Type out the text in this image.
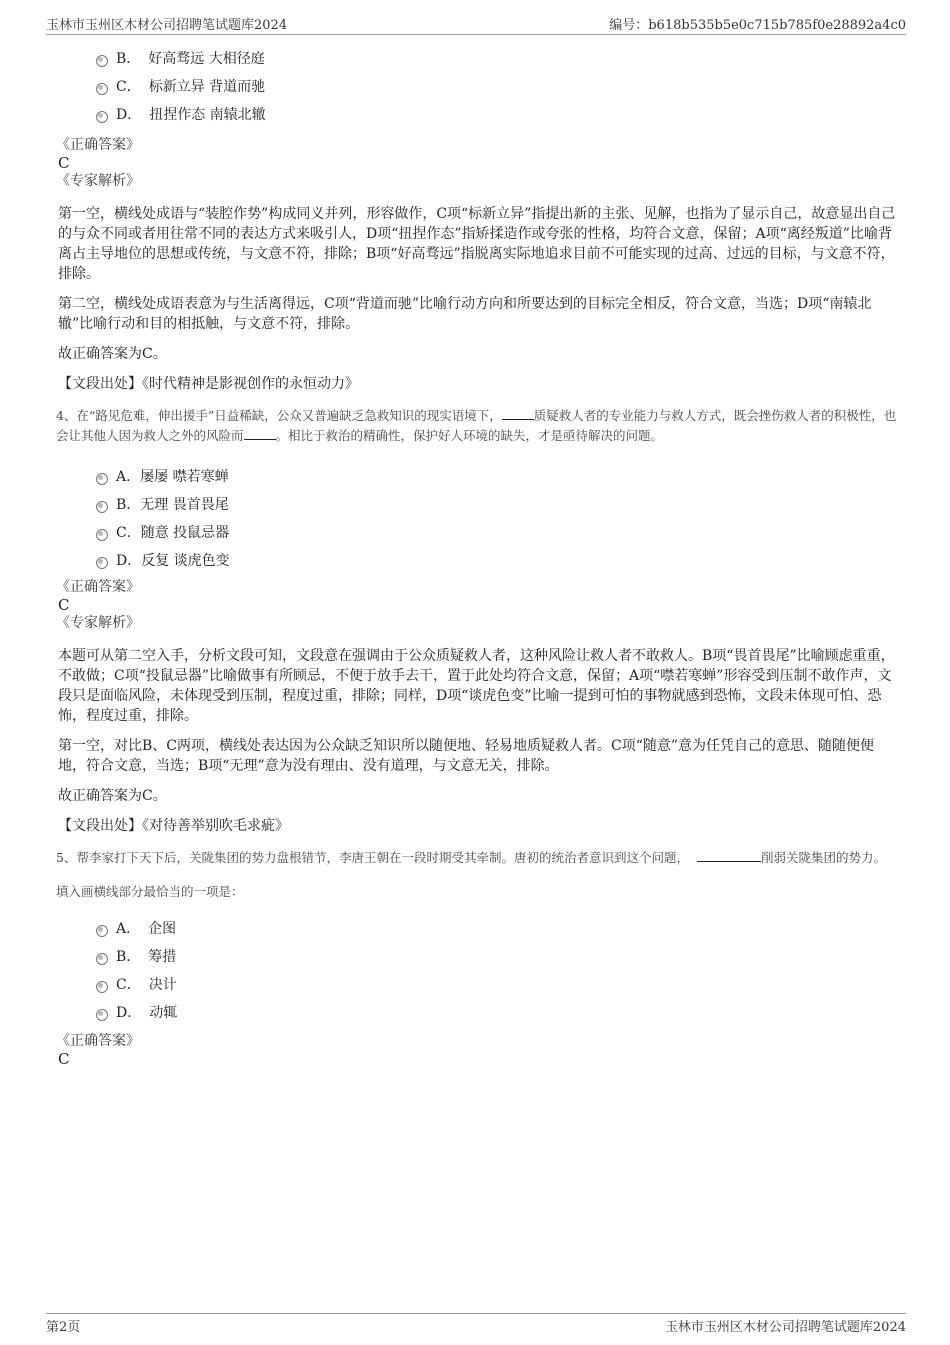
玉林市玉州区木材公司招聘笔试题库2024	编号：b618b535b5e0c715b785f0e28892a4c0
B． 好高骛远 大相径庭
C． 标新立异 背道而驰
D． 扭捏作态 南辕北辙
《正确答案》
C
《专家解析》

第一空，横线处成语与“装腔作势”构成同义并列，形容做作，C项“标新立异”指提出新的主张、见解，也指为了显示自己，故意显出自己的与众不同或者用往常不同的表达方式来吸引人，D项“扭捏作态”指矫揉造作或夸张的性格，均符合文意，保留；A项“离经叛道”比喻背离占主导地位的思想或传统，与文意不符，排除；B项“好高骛远”指脱离实际地追求目前不可能实现的过高、过远的目标，与文意不符，排除。

第二空，横线处成语表意为与生活离得远，C项“背道而驰”比喻行动方向和所要达到的目标完全相反，符合文意，当选；D项“南辕北辙”比喻行动和目的相抵触，与文意不符，排除。

故正确答案为C。

【文段出处】《时代精神是影视创作的永恒动力》

4、在“路见危难，伸出援手”日益稀缺，公众又普遍缺乏急救知识的现实语境下，	质疑救人者的专业能力与救人方式，既会挫伤救人者的积极性，也会让其他人因为救人之外的风险而	。相比于救治的精确性，保护好人环境的缺失，才是亟待解决的问题。

A． 屡屡 噤若寒蝉
B． 无理 畏首畏尾
C． 随意 投鼠忌器
D． 反复 谈虎色变
《正确答案》
C
《专家解析》

本题可从第二空入手，分析文段可知，文段意在强调由于公众质疑救人者，这种风险让救人者不敢救人。B项“畏首畏尾”比喻顾虑重重，不敢做；C项“投鼠忌器”比喻做事有所顾忌，不便于放手去干，置于此处均符合文意，保留；A项“噤若寒蝉”形容受到压制不敢作声，文段只是面临风险，未体现受到压制，程度过重，排除；同样，D项“谈虎色变”比喻一提到可怕的事物就感到恐怖，文段未体现可怕、恐怖，程度过重，排除。

第一空，对比B、C两项，横线处表达因为公众缺乏知识所以随便地、轻易地质疑救人者。C项“随意”意为任凭自己的意思、随随便便地，符合文意，当选；B项“无理”意为没有理由、没有道理，与文意无关，排除。

故正确答案为C。

【文段出处】《对待善举别吹毛求疵》

5、帮李家打下天下后，关陇集团的势力盘根错节，李唐王朝在一段时期受其牵制。唐初的统治者意识到这个问题，	削弱关陇集团的势力。

填入画横线部分最恰当的一项是：

A． 企图
B． 筹措
C． 决计
D． 动辄
《正确答案》
C
第2页	玉林市玉州区木材公司招聘笔试题库2024
